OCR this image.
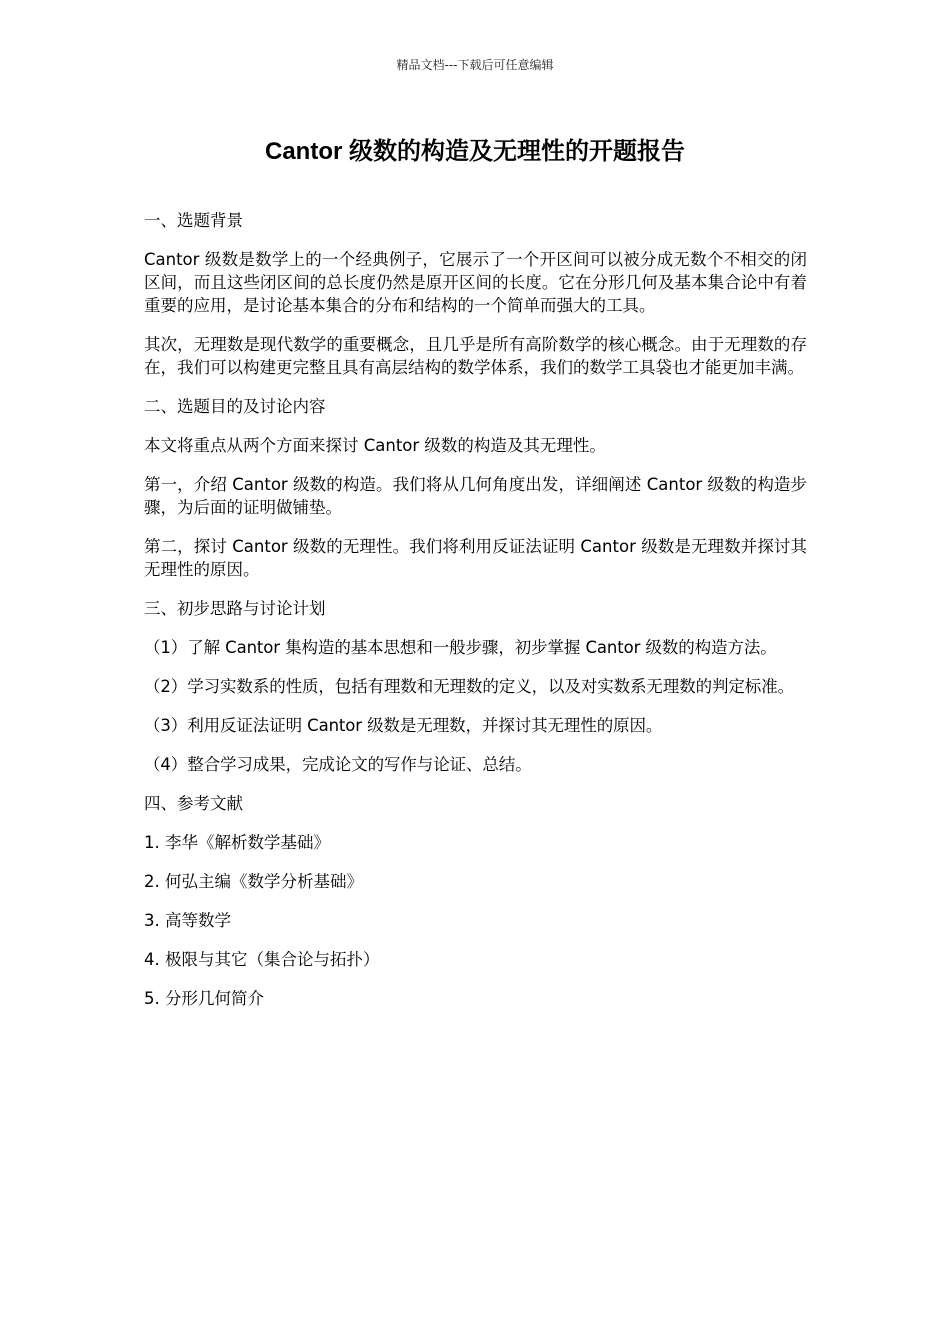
精品文档---下载后可任意编辑
Cantor 级数的构造及无理性的开题报告

一、选题背景

Cantor 级数是数学上的一个经典例子，它展示了一个开区间可以被分成无数个不相交的闭区间，而且这些闭区间的总长度仍然是原开区间的长度。它在分形几何及基本集合论中有着重要的应用，是讨论基本集合的分布和结构的一个简单而强大的工具。

其次，无理数是现代数学的重要概念，且几乎是所有高阶数学的核心概念。由于无理数的存在，我们可以构建更完整且具有高层结构的数学体系，我们的数学工具袋也才能更加丰满。

二、选题目的及讨论内容

本文将重点从两个方面来探讨 Cantor 级数的构造及其无理性。

第一，介绍 Cantor 级数的构造。我们将从几何角度出发，详细阐述 Cantor 级数的构造步骤，为后面的证明做铺垫。

第二，探讨 Cantor 级数的无理性。我们将利用反证法证明 Cantor 级数是无理数并探讨其无理性的原因。

三、初步思路与讨论计划

（1）了解 Cantor 集构造的基本思想和一般步骤，初步掌握 Cantor 级数的构造方法。

（2）学习实数系的性质，包括有理数和无理数的定义，以及对实数系无理数的判定标准。

（3）利用反证法证明 Cantor 级数是无理数，并探讨其无理性的原因。

（4）整合学习成果，完成论文的写作与论证、总结。

四、参考文献

1. 李华《解析数学基础》

2. 何弘主编《数学分析基础》

3. 高等数学

4. 极限与其它（集合论与拓扑）

5. 分形几何简介
